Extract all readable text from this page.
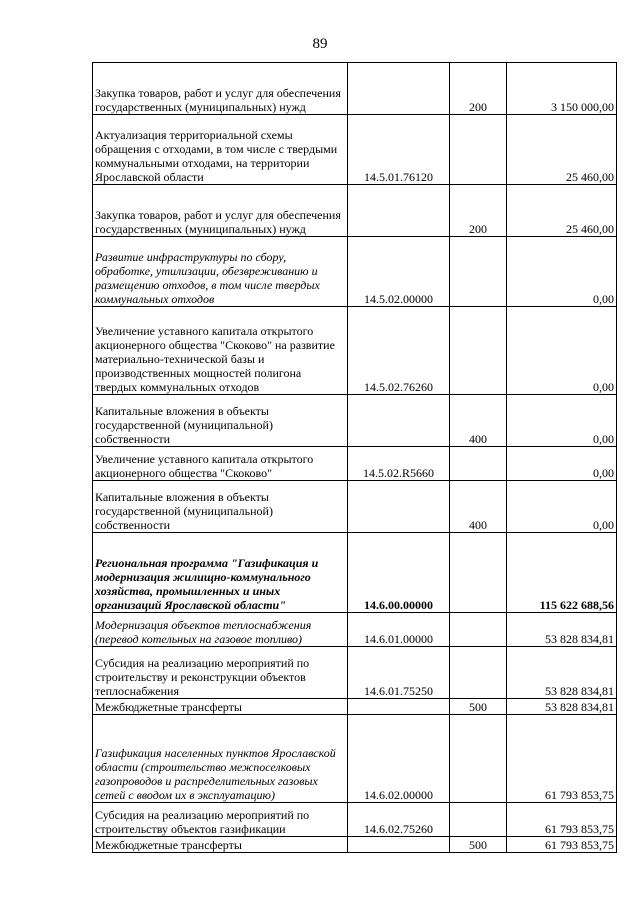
89
Закупка товаров, работ и услуг для обеспечения государственных (муниципальных) нужд		200	3 150 000,00
Актуализация территориальной схемы обращения с отходами, в том числе с твердыми коммунальными отходами, на территории Ярославской области	14.5.01.76120		25 460,00
Закупка товаров, работ и услуг для обеспечения государственных (муниципальных) нужд		200	25 460,00
Развитие инфраструктуры по сбору, обработке, утилизации, обезвреживанию и размещению отходов, в том числе твердых коммунальных отходов	14.5.02.00000		0,00
Увеличение уставного капитала открытого акционерного общества "Скоково" на развитие материально-технической базы и производственных мощностей полигона твердых коммунальных отходов	14.5.02.76260		0,00
Капитальные вложения в объекты государственной (муниципальной) собственности		400	0,00
Увеличение уставного капитала открытого акционерного общества "Скоково"	14.5.02.R5660		0,00
Капитальные вложения в объекты государственной (муниципальной) собственности		400	0,00
Региональная программа "Газификация и модернизация жилищно-коммунального хозяйства, промышленных и иных организаций Ярославской области"	14.6.00.00000		115 622 688,56
Модернизация объектов теплоснабжения (перевод котельных на газовое топливо)	14.6.01.00000		53 828 834,81
Субсидия на реализацию мероприятий по строительству и реконструкции объектов теплоснабжения	14.6.01.75250		53 828 834,81
Межбюджетные трансферты		500	53 828 834,81
Газификация населенных пунктов Ярославской области (строительство межпоселковых газопроводов и распределительных газовых сетей с вводом их в эксплуатацию)	14.6.02.00000		61 793 853,75
Субсидия на реализацию мероприятий по строительству объектов газификации	14.6.02.75260		61 793 853,75
Межбюджетные трансферты		500	61 793 853,75
